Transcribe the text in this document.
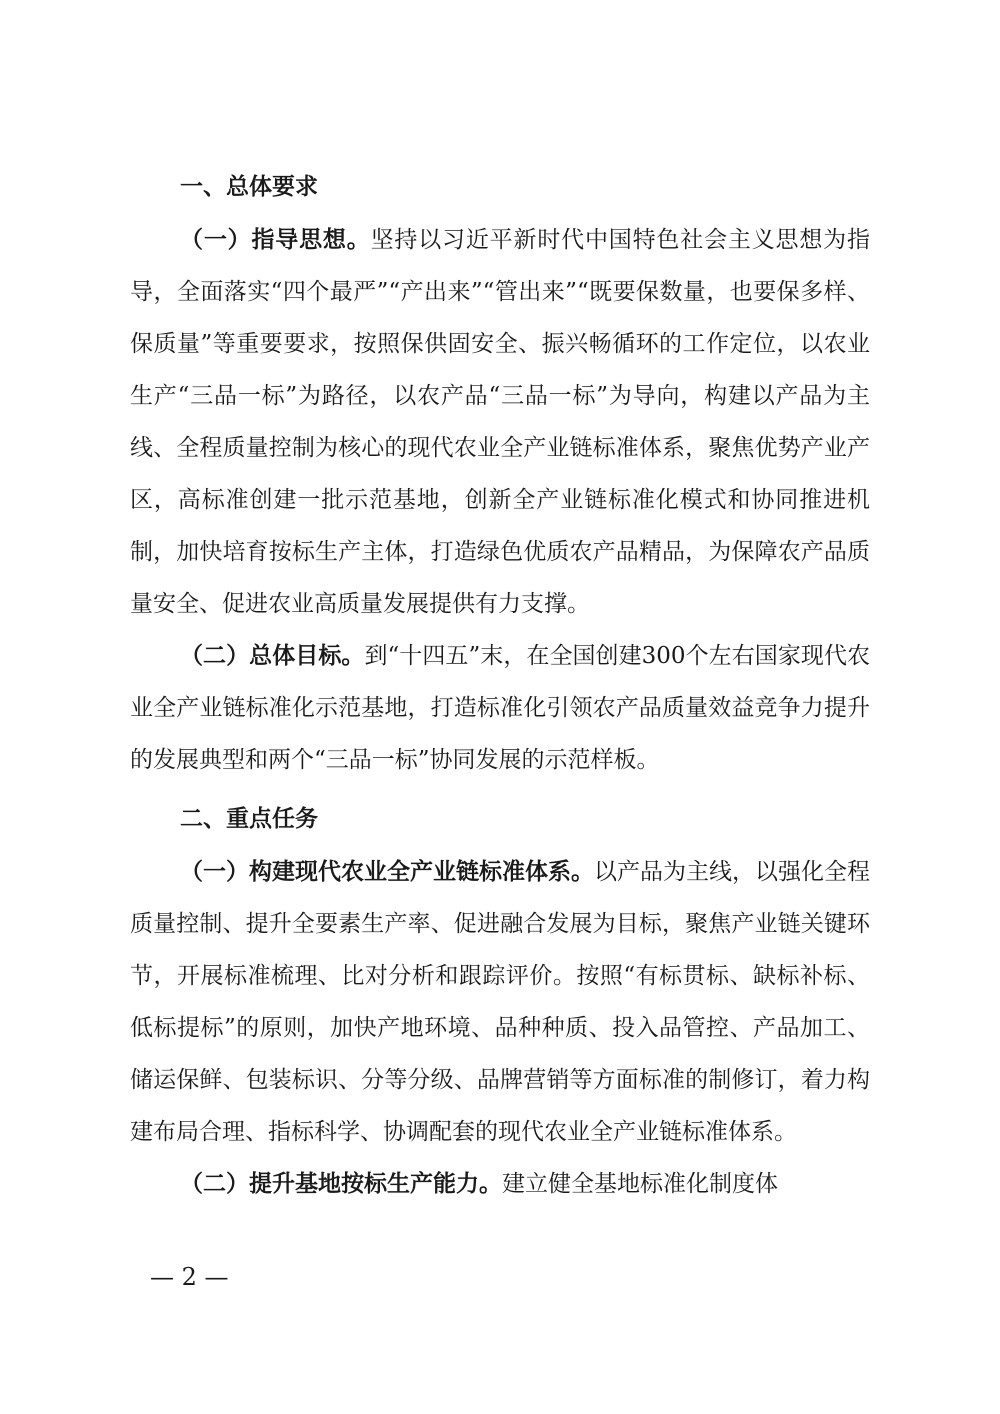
一、总体要求

（一）指导思想。坚持以习近平新时代中国特色社会主义思想为指导，全面落实“四个最严”“产出来”“管出来”“既要保数量，也要保多样、保质量”等重要要求，按照保供固安全、振兴畅循环的工作定位，以农业生产“三品一标”为路径，以农产品“三品一标”为导向，构建以产品为主线、全程质量控制为核心的现代农业全产业链标准体系，聚焦优势产业产区，高标准创建一批示范基地，创新全产业链标准化模式和协同推进机制，加快培育按标生产主体，打造绿色优质农产品精品，为保障农产品质量安全、促进农业高质量发展提供有力支撑。

（二）总体目标。到“十四五”末，在全国创建300个左右国家现代农业全产业链标准化示范基地，打造标准化引领农产品质量效益竞争力提升的发展典型和两个“三品一标”协同发展的示范样板。

二、重点任务

（一）构建现代农业全产业链标准体系。以产品为主线，以强化全程质量控制、提升全要素生产率、促进融合发展为目标，聚焦产业链关键环节，开展标准梳理、比对分析和跟踪评价。按照“有标贯标、缺标补标、低标提标”的原则，加快产地环境、品种种质、投入品管控、产品加工、储运保鲜、包装标识、分等分级、品牌营销等方面标准的制修订，着力构建布局合理、指标科学、协调配套的现代农业全产业链标准体系。

（二）提升基地按标生产能力。建立健全基地标准化制度体

— 2 —
